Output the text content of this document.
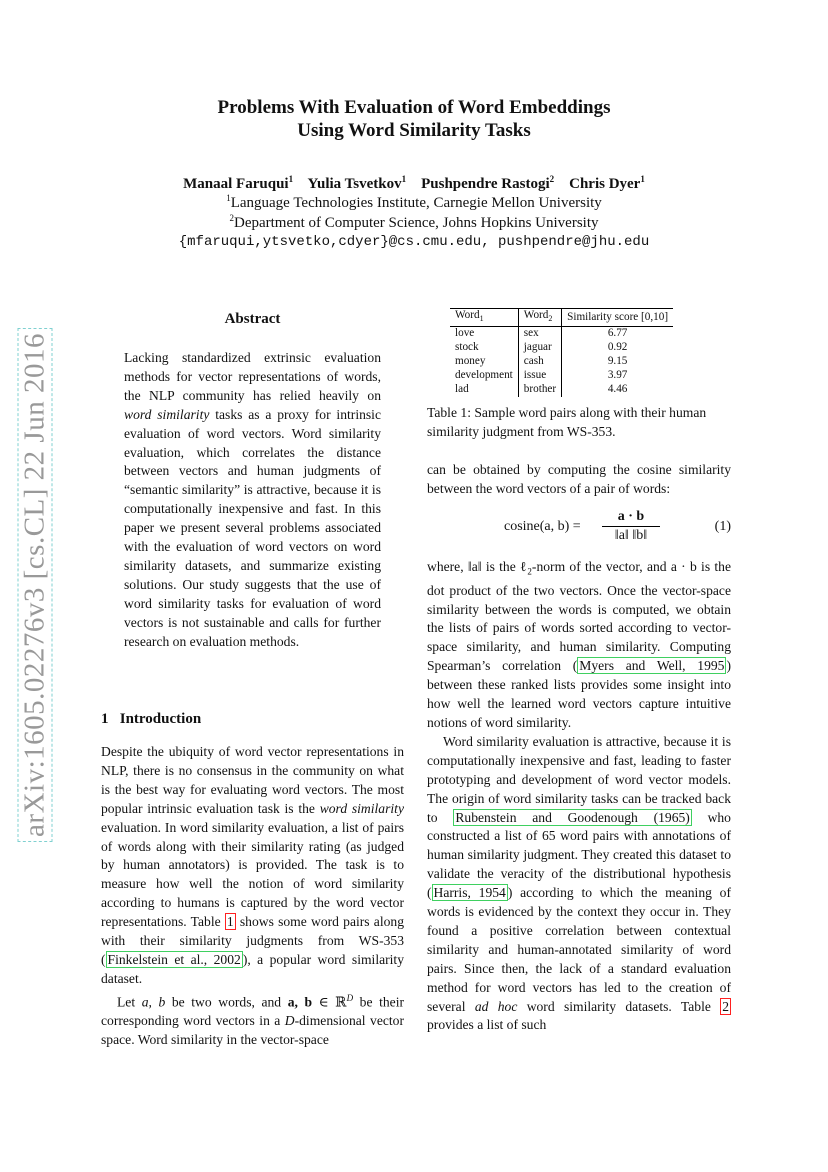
Problems With Evaluation of Word Embeddings
Using Word Similarity Tasks
Manaal Faruqui$^1$ Yulia Tsvetkov$^1$ Pushpendre Rastogi$^2$ Chris Dyer$^1$
$^1$Language Technologies Institute, Carnegie Mellon University
$^2$Department of Computer Science, Johns Hopkins University
{mfaruqui,ytsvetko,cdyer}@cs.cmu.edu, pushpendre@jhu.edu
arXiv:1605.02276v3 [cs.CL] 22 Jun 2016
Abstract
Lacking standardized extrinsic evaluation methods for vector representations of words, the NLP community has relied heavily on word similarity tasks as a proxy for intrinsic evaluation of word vectors. Word similarity evaluation, which correlates the distance between vectors and human judgments of “semantic similarity” is attractive, because it is computationally inexpensive and fast. In this paper we present several problems associated with the evaluation of word vectors on word similarity datasets, and summarize existing solutions. Our study suggests that the use of word similarity tasks for evaluation of word vectors is not sustainable and calls for further research on evaluation methods.
1 Introduction

Despite the ubiquity of word vector representations in NLP, there is no consensus in the community on what is the best way for evaluating word vectors. The most popular intrinsic evaluation task is the word similarity evaluation. In word similarity evaluation, a list of pairs of words along with their similarity rating (as judged by human annotators) is provided. The task is to measure how well the notion of word similarity according to humans is captured by the word vector representations. Table 1 shows some word pairs along with their similarity judgments from WS-353 ( Finkelstein et al., 2002 ), a popular word similarity dataset.

Let a, b be two words, and a, b ∈ ℝ$^D$ be their corresponding word vectors in a D-dimensional vector space. Word similarity in the vector-space

Word$_1$	Word$_2$	Similarity score [0,10]
love	sex	6.77
stock	jaguar	0.92
money	cash	9.15
development	issue	3.97
lad	brother	4.46
Table 1: Sample word pairs along with their human similarity judgment from WS-353.
can be obtained by computing the cosine similarity between the word vectors of a pair of words:
cosine(a, $b) = \frac{a \cdot b}{‖a‖ ‖b‖}$	(1)

where, ‖a‖ is the ℓ$_2$-norm of the vector, and a · b is the dot product of the two vectors. Once the vector-space similarity between the words is computed, we obtain the lists of pairs of words sorted according to vector-space similarity, and human similarity. Computing Spearman’s correlation ( Myers and Well, 1995 ) between these ranked lists provides some insight into how well the learned word vectors capture intuitive notions of word similarity.

Word similarity evaluation is attractive, because it is computationally inexpensive and fast, leading to faster prototyping and development of word vector models. The origin of word similarity tasks can be tracked back to Rubenstein and Goodenough (1965) who constructed a list of 65 word pairs with annotations of human similarity judgment. They created this dataset to validate the veracity of the distributional hypothesis ( Harris, 1954 ) according to which the meaning of words is evidenced by the context they occur in. They found a positive correlation between contextual similarity and human-annotated similarity of word pairs. Since then, the lack of a standard evaluation method for word vectors has led to the creation of several ad hoc word similarity datasets. Table 2 provides a list of such
